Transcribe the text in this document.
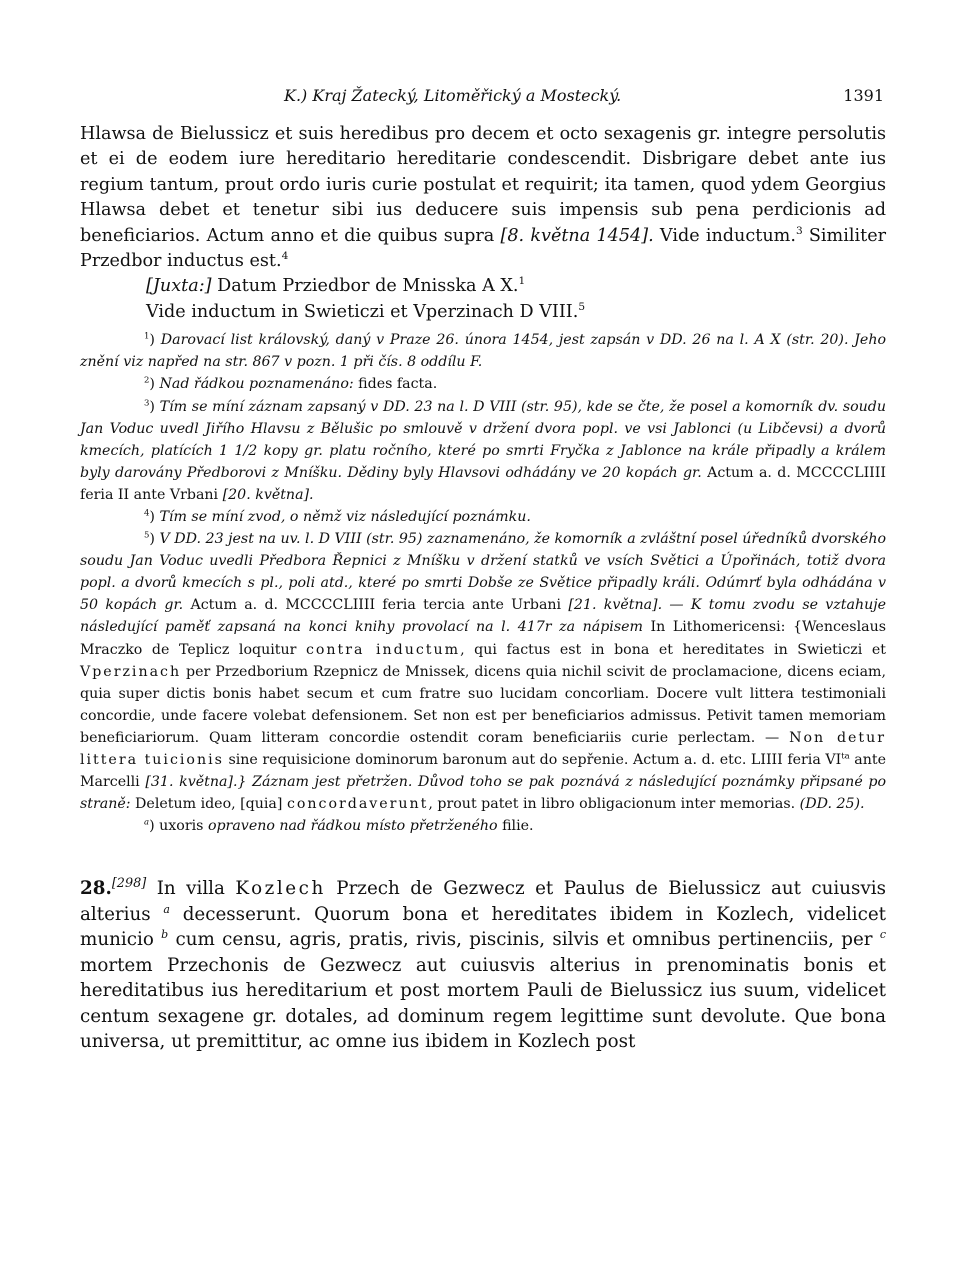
K.) Kraj Žatecký, Litoměřický a Mostecký.	1391
Hlawsa de Bielussicz et suis heredibus pro decem et octo sexagenis gr. integre persolutis et ei de eodem iure hereditario hereditarie condescendit. Disbrigare debet ante ius regium tantum, prout ordo iuris curie postulat et requirit; ita tamen, quod ydem Georgius Hlawsa debet et tenetur sibi ius deducere suis impensis sub pena perdicionis ad beneficiarios. Actum anno et die quibus supra [8. května 1454]. Vide inductum.$^3$ Similiter Przedbor inductus est.$^4$
[Juxta:] Datum Prziedbor de Mnisska A X.$^1$
Vide inductum in Swieticzi et Vperzinach D VIII.$^5$
$^1$) Darovací list královský, daný v Praze 26. února 1454, jest zapsán v DD. 26 na l. A X (str. 20). Jeho znění viz napřed na str. 867 v pozn. 1 při čís. 8 oddílu F.
$^2$) Nad řádkou poznamenáno: fides facta.
$^3$) Tím se míní záznam zapsaný v DD. 23 na l. D VIII (str. 95), kde se čte, že posel a komorník dv. soudu Jan Voduc uvedl Jiřího Hlavsu z Bělušic po smlouvě v držení dvora popl. ve vsi Jablonci (u Libčevsi) a dvorů kmecích, platících 1 1/2 kopy gr. platu ročního, které po smrti Fryčka z Jablonce na krále připadly a králem byly darovány Předborovi z Mníšku. Dědiny byly Hlavsovi odhádány ve 20 kopách gr. Actum a. d. MCCCCLIIII feria II ante Vrbani [20. května].
$^4$) Tím se míní zvod, o němž viz následující poznámku.
$^5$) V DD. 23 jest na uv. l. D VIII (str. 95) zaznamenáno, že komorník a zvláštní posel úředníků dvorského soudu Jan Voduc uvedli Předbora Řepnici z Mníšku v držení statků ve vsích Světici a Úpořinách, totiž dvora popl. a dvorů kmecích s pl., poli atd., které po smrti Dobše ze Světice připadly králi. Odúmrť byla odhádána v 50 kopách gr. Actum a. d. MCCCCLIIII feria tercia ante Urbani [21. května]. — K tomu zvodu se vztahuje následující paměť zapsaná na konci knihy provolací na l. 417r za nápisem In Lithomericensi: {Wenceslaus Mraczko de Teplicz loquitur contra inductum, qui factus est in bona et hereditates in Swieticzi et Vperzinach per Przedborium Rzepnicz de Mnissek, dicens quia nichil scivit de proclamacione, dicens eciam, quia super dictis bonis habet secum et cum fratre suo lucidam concorliam. Docere vult littera testimoniali concordie, unde facere volebat defensionem. Set non est per beneficiarios admissus. Petivit tamen memoriam beneficiariorum. Quam litteram concordie ostendit coram beneficiariis curie perlectam. — Non detur littera tuicionis sine requisicione dominorum baronum aut do sepřenie. Actum a. d. etc. LIIII feria $VI^{ta}$ ante Marcelli [31. května].} Záznam jest přetržen. Důvod toho se pak poznává z následující poznámky připsané po straně: Deletum ideo, [quia] concordaverunt, prout patet in libro obligacionum inter memorias. (DD. 25).
$^a$) uxoris opraveno nad řádkou místo přetrženého filie.
28.[298] In villa Kozlech Przech de Gezwecz et Paulus de Bielussicz aut cuiusvis alterius $^a$ decesserunt. Quorum bona et hereditates ibidem in Kozlech, videlicet municio $^b$ cum censu, agris, pratis, rivis, piscinis, silvis et omnibus pertinenciis, per $^c$ mortem Przechonis de Gezwecz aut cuiusvis alterius in prenominatis bonis et hereditatibus ius hereditarium et post mortem Pauli de Bielussicz ius suum, videlicet centum sexagene gr. dotales, ad dominum regem legittime sunt devolute. Que bona universa, ut premittitur, ac omne ius ibidem in Kozlech post
